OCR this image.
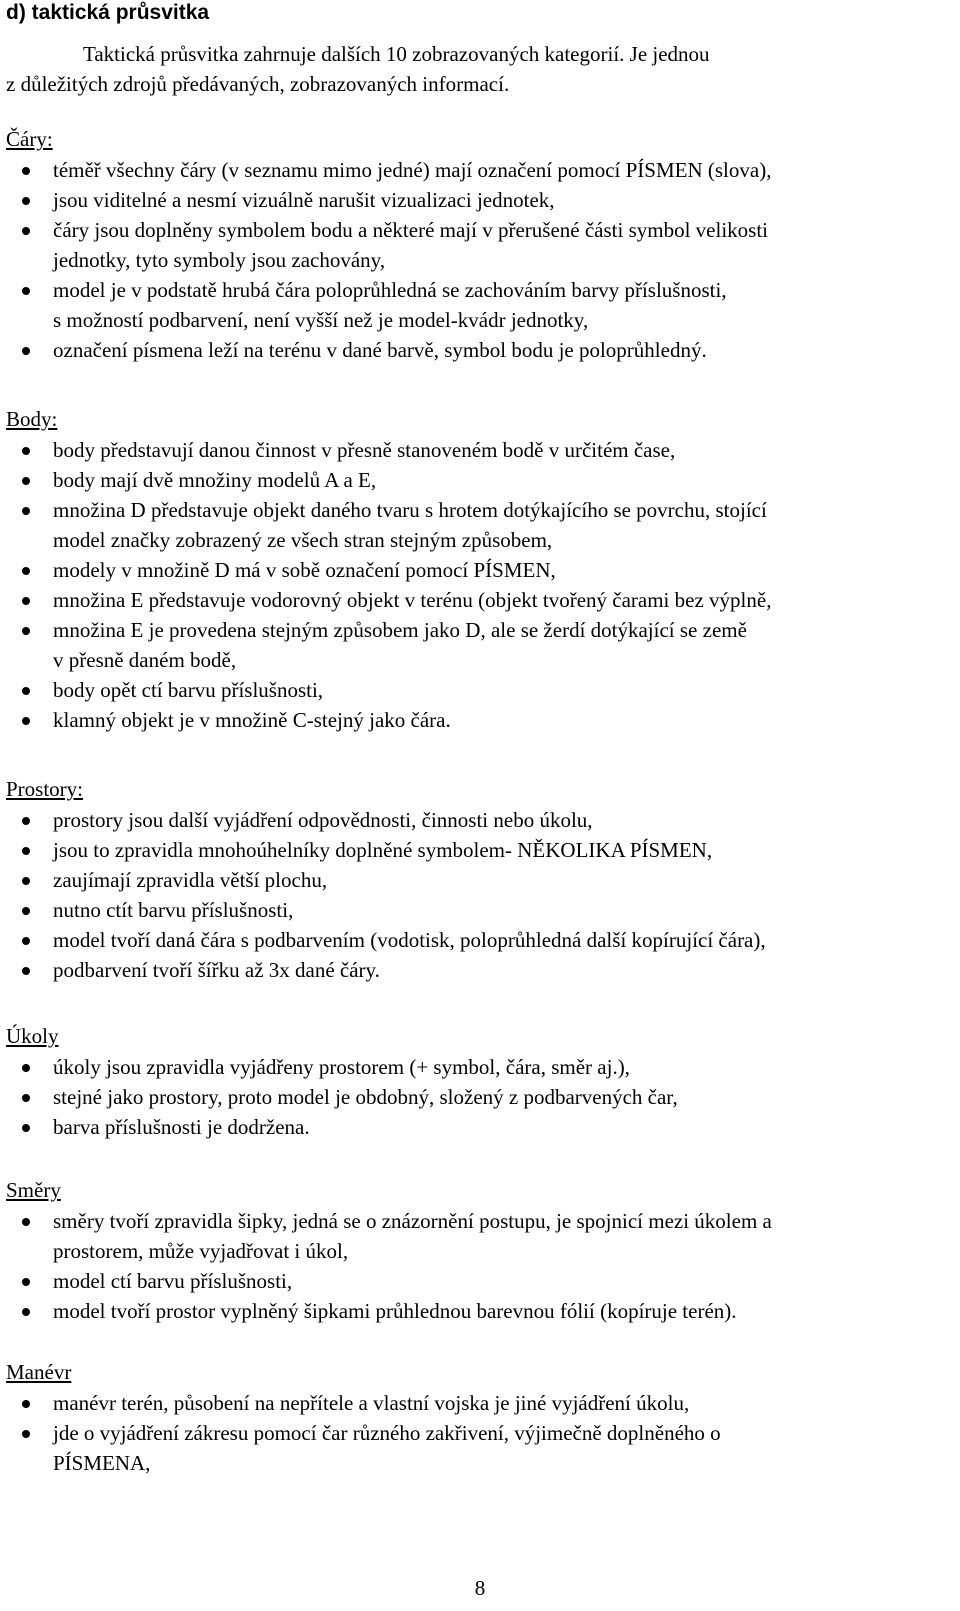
d) taktická průsvitka
Taktická průsvitka zahrnuje dalších 10 zobrazovaných kategorií. Je jednou
z důležitých zdrojů předávaných, zobrazovaných informací.
Čáry:
téměř všechny čáry (v seznamu mimo jedné) mají označení pomocí PÍSMEN (slova),
jsou viditelné a nesmí vizuálně narušit vizualizaci jednotek,
čáry jsou doplněny symbolem bodu a některé mají v přerušené části symbol velikosti
jednotky, tyto symboly jsou zachovány,
model je v podstatě hrubá čára poloprůhledná se zachováním barvy příslušnosti,
s možností podbarvení, není vyšší než je model-kvádr jednotky,
označení písmena leží na terénu v dané barvě, symbol bodu je poloprůhledný.
Body:
body představují danou činnost v přesně stanoveném bodě v určitém čase,
body mají dvě množiny modelů A a E,
množina D představuje objekt daného tvaru s hrotem dotýkajícího se povrchu, stojící
model značky zobrazený ze všech stran stejným způsobem,
modely v množině D má v sobě označení pomocí PÍSMEN,
množina E představuje vodorovný objekt v terénu (objekt tvořený čarami bez výplně,
množina E je provedena stejným způsobem jako D, ale se žerdí dotýkající se země
v přesně daném bodě,
body opět ctí barvu příslušnosti,
klamný objekt je v množině C-stejný jako čára.
Prostory:
prostory jsou další vyjádření odpovědnosti, činnosti nebo úkolu,
jsou to zpravidla mnohoúhelníky doplněné symbolem- NĚKOLIKA PÍSMEN,
zaujímají zpravidla větší plochu,
nutno ctít barvu příslušnosti,
model tvoří daná čára s podbarvením (vodotisk, poloprůhledná další kopírující čára),
podbarvení tvoří šířku až 3x dané čáry.
Úkoly
úkoly jsou zpravidla vyjádřeny prostorem (+ symbol, čára, směr aj.),
stejné jako prostory, proto model je obdobný, složený z podbarvených čar,
barva příslušnosti je dodržena.
Směry
směry tvoří zpravidla šipky, jedná se o znázornění postupu, je spojnicí mezi úkolem a
prostorem, může vyjadřovat i úkol,
model ctí barvu příslušnosti,
model tvoří prostor vyplněný šipkami průhlednou barevnou fólií (kopíruje terén).
Manévr
manévr terén, působení na nepřítele a vlastní vojska je jiné vyjádření úkolu,
jde o vyjádření zákresu pomocí čar různého zakřivení, výjimečně doplněného o
PÍSMENA,
8
